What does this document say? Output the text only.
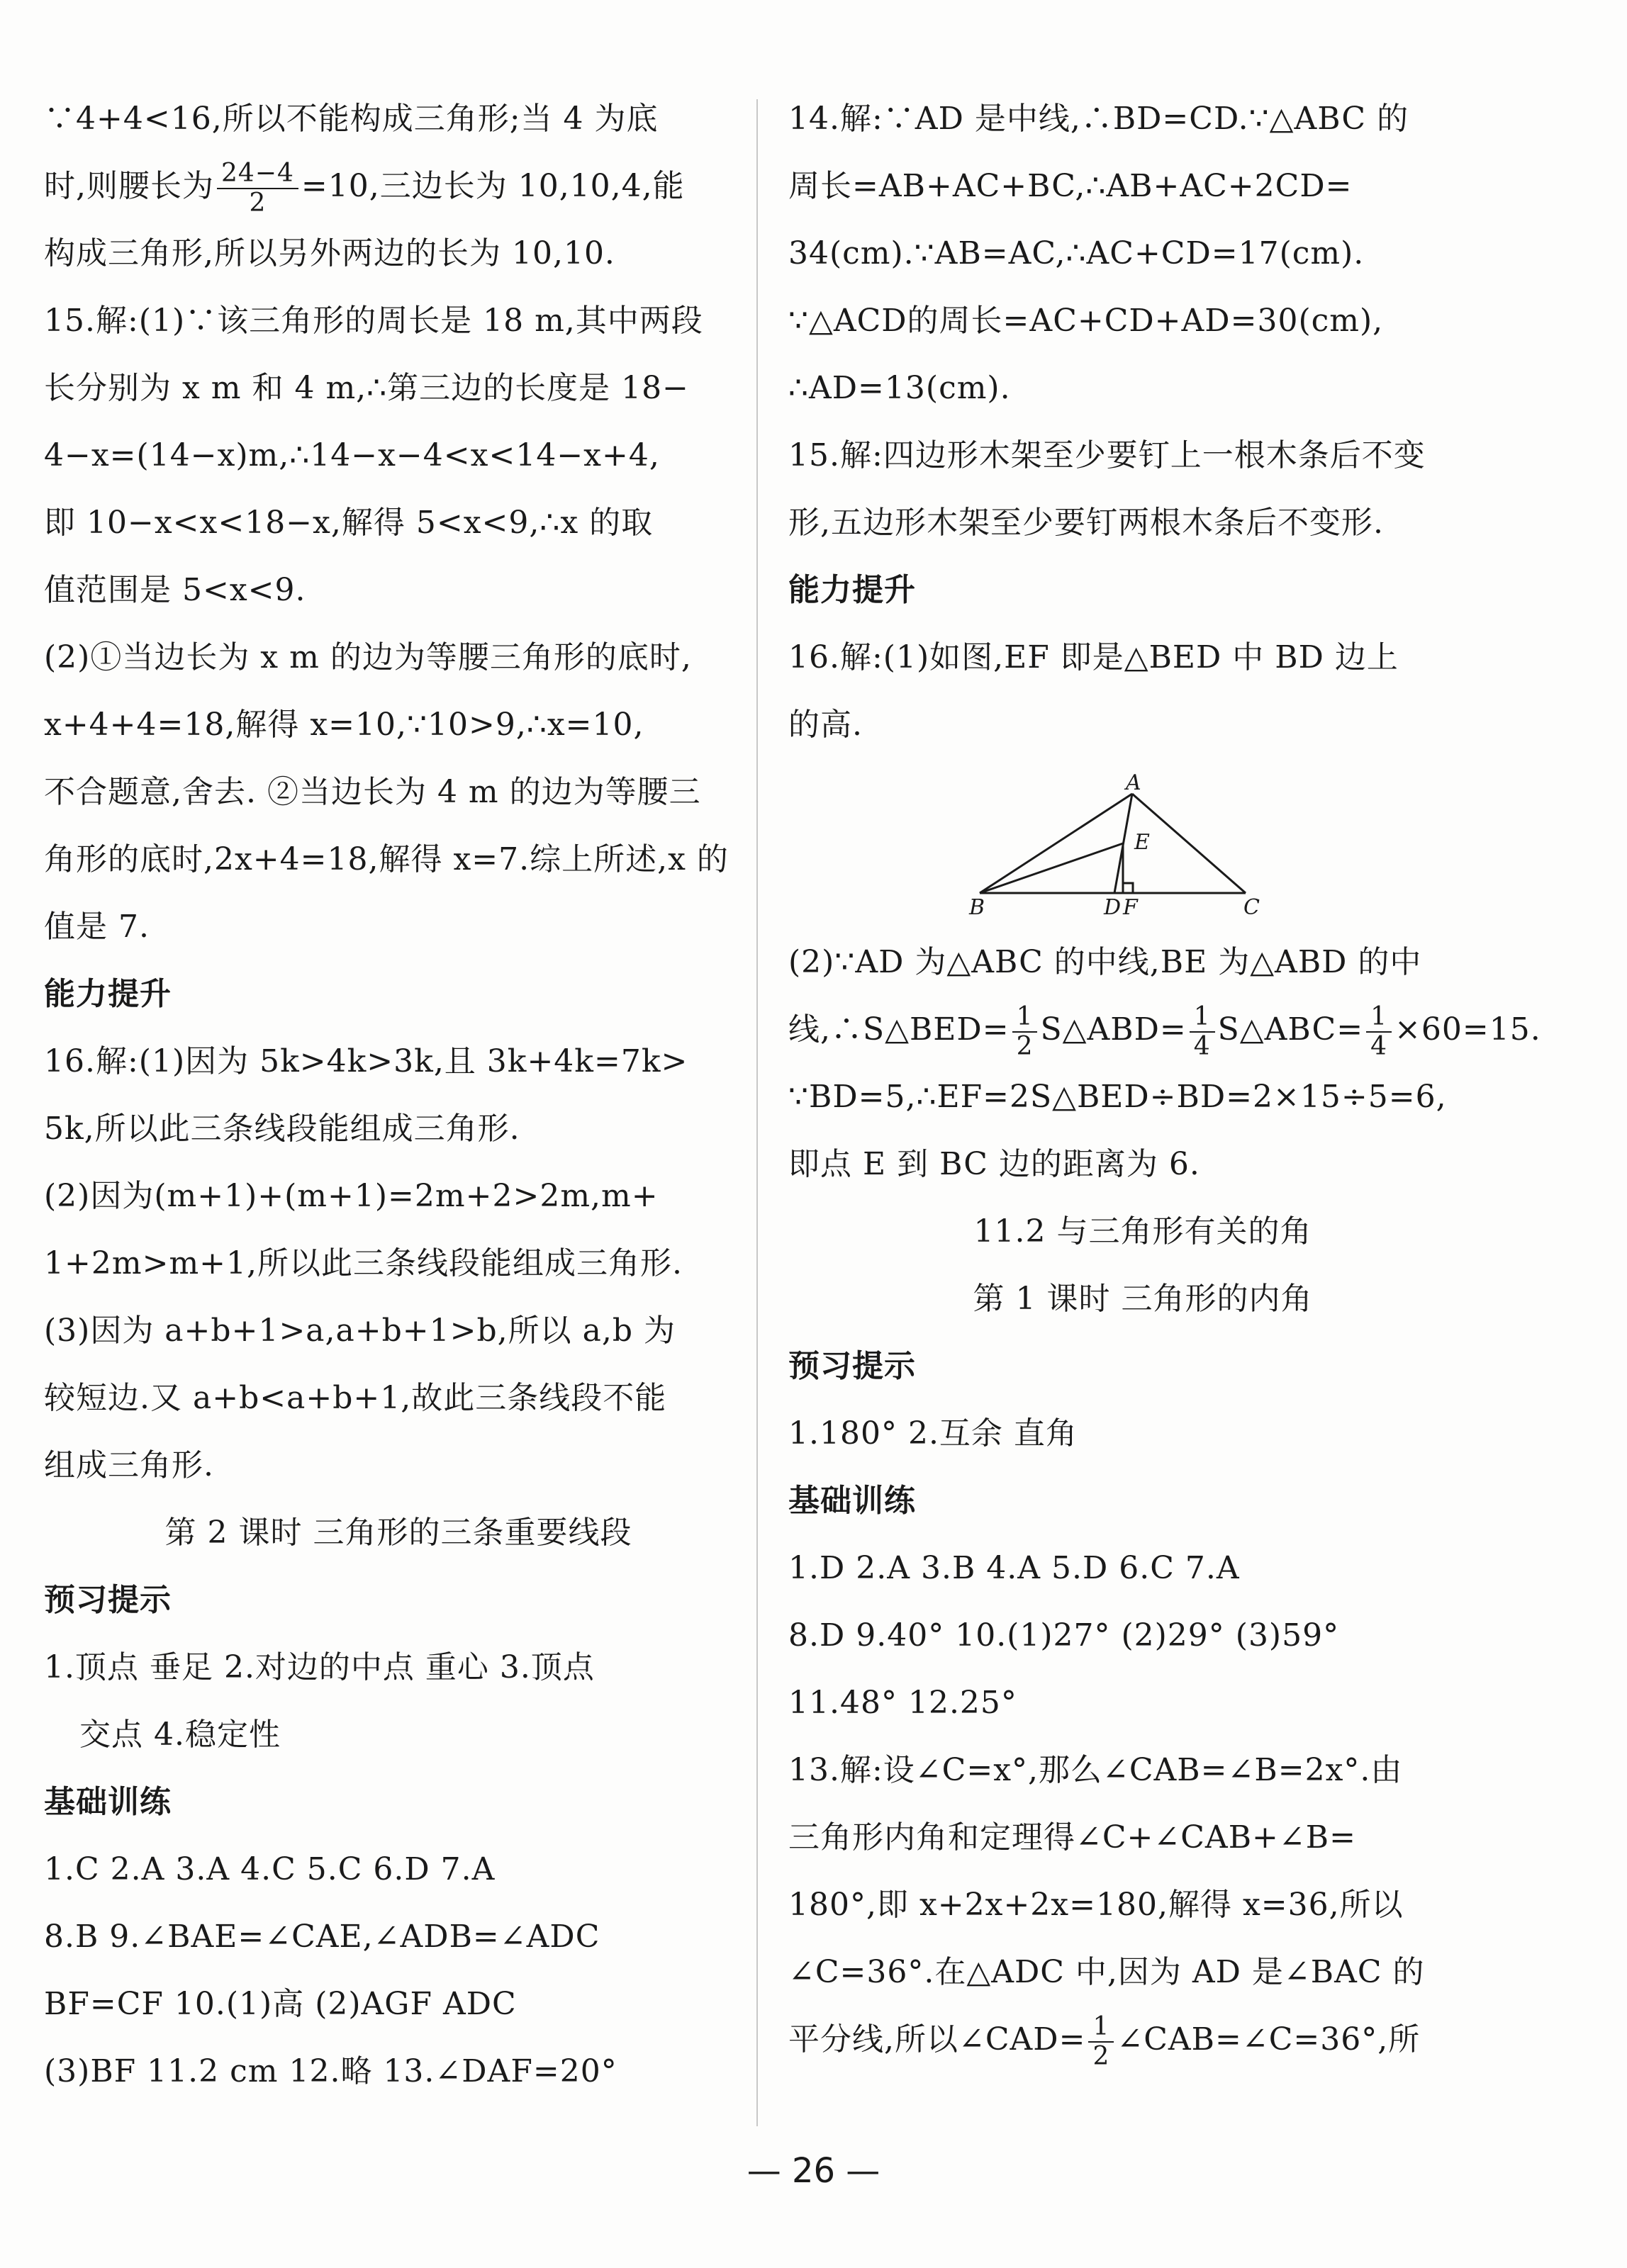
∵4+4<16,所以不能构成三角形;当 4 为底
时,则腰长为 $\frac{24-4}{2} =10$,三边长为 10,10,4,能
构成三角形,所以另外两边的长为 10,10.
15.解:(1)∵该三角形的周长是 18 m,其中两段
长分别为 x m 和 4 m,∴第三边的长度是 18−
4−x=(14−x)m,∴14−x−4<x<14−x+4,
即 10−x<x<18−x,解得 5<x<9,∴x 的取
值范围是 5<x<9.
(2)①当边长为 x m 的边为等腰三角形的底时,
x+4+4=18,解得 x=10,∵10>9,∴x=10,
不合题意,舍去. ②当边长为 4 m 的边为等腰三
角形的底时,2x+4=18,解得 x=7.综上所述,x 的
值是 7.
能力提升
16.解:(1)因为 5k>4k>3k,且 3k+4k=7k>
5k,所以此三条线段能组成三角形.
(2)因为(m+1)+(m+1)=2m+2>2m,m+
1+2m>m+1,所以此三条线段能组成三角形.
(3)因为 a+b+1>a,a+b+1>b,所以 a,b 为
较短边.又 a+b<a+b+1,故此三条线段不能
组成三角形.
第 2 课时 三角形的三条重要线段
预习提示
1.顶点 垂足 2.对边的中点 重心 3.顶点
交点 4.稳定性
基础训练
1.C 2.A 3.A 4.C 5.C 6.D 7.A
8.B 9.∠BAE=∠CAE,∠ADB=∠ADC
BF=CF 10.(1)高 (2)AGF ADC
(3)BF 11.2 cm 12.略 13.∠DAF=20°
14.解:∵AD 是中线,∴BD=CD.∵△ABC 的
周长=AB+AC+BC,∴AB+AC+2CD=
34(cm).∵AB=AC,∴AC+CD=17(cm).
∵△ACD的周长=AC+CD+AD=30(cm),
∴AD=13(cm).
15.解:四边形木架至少要钉上一根木条后不变
形,五边形木架至少要钉两根木条后不变形.
能力提升
16.解:(1)如图,EF 即是△BED 中 BD 边上
的高.
A
B	C
D
E
F
(2)∵AD 为△ABC 的中线,BE 为△ABD 的中
线,∴S△BED= $\frac{1}{2}$ S△ABD= $\frac{1}{4}$ S△ABC= $\frac{1}{4} \times 60=15$.
∵BD=5,∴EF=2S△BED÷BD=2×15÷5=6,
即点 E 到 BC 边的距离为 6.
11.2 与三角形有关的角
第 1 课时 三角形的内角
预习提示
1.180° 2.互余 直角
基础训练
1.D 2.A 3.B 4.A 5.D 6.C 7.A
8.D 9.40° 10.(1)27° (2)29° (3)59°
11.48° 12.25°
13.解:设∠C=x°,那么∠CAB=∠B=2x°.由
三角形内角和定理得∠C+∠CAB+∠B=
180°,即 x+2x+2x=180,解得 x=36,所以
∠C=36°.在△ADC 中,因为 AD 是∠BAC 的
平分线,所以∠CAD= $\frac{1}{2}$ ∠CAB=∠C=36°,所
— 26 —
